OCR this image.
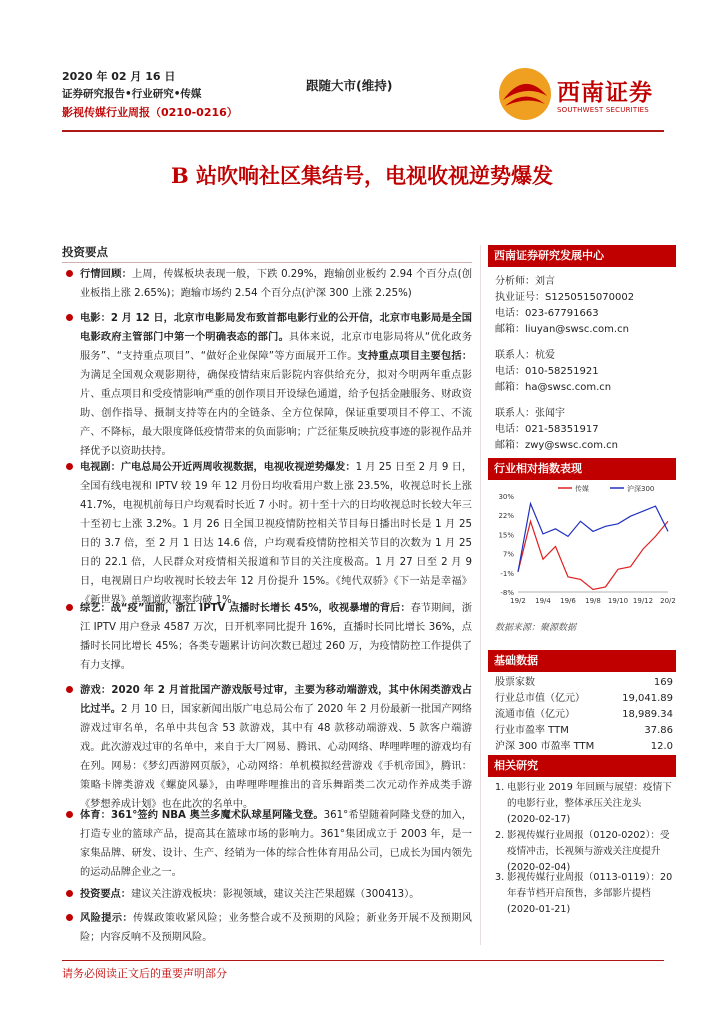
2020 年 02 月 16 日
证券研究报告•行业研究•传媒
影视传媒行业周报（0210-0216）
跟随大市(维持)	西南证券
SOUTHWEST SECURITIES
B 站吹响社区集结号，电视收视逆势爆发
投资要点
行情回顾：上周，传媒板块表现一般，下跌 0.29%，跑输创业板约 2.94 个百分点(创业板指上涨 2.65%)；跑输市场约 2.54 个百分点(沪深 300 上涨 2.25%)
电影：2 月 12 日，北京市电影局发布致首都电影行业的公开信，北京市电影局是全国电影政府主管部门中第一个明确表态的部门。具体来说，北京市电影局将从“优化政务服务”、“支持重点项目”、“做好企业保障”等方面展开工作。支持重点项目主要包括：为满足全国观众观影期待，确保疫情结束后影院内容供给充分，拟对今明两年重点影片、重点项目和受疫情影响严重的创作项目开设绿色通道，给予包括金融服务、财政资助、创作指导、摄制支持等在内的全链条、全方位保障，保证重要项目不停工、不流产、不降标，最大限度降低疫情带来的负面影响；广泛征集反映抗疫事迹的影视作品并择优予以资助扶持。
电视剧：广电总局公开近两周收视数据，电视收视逆势爆发：1 月 25 日至 2 月 9 日，全国有线电视和 IPTV 较 19 年 12 月份日均收看用户数上涨 23.5%，收视总时长上涨 41.7%，电视机前每日户均观看时长近 7 小时。初十至十六的日均收视总时长较大年三十至初七上涨 3.2%。1 月 26 日全国卫视疫情防控相关节目每日播出时长是 1 月 25 日的 3.7 倍，至 2 月 1 日达 14.6 倍，户均观看疫情防控相关节目的次数为 1 月 25 日的 22.1 倍，人民群众对疫情相关报道和节目的关注度极高。1 月 27 日至 2 月 9 日，电视剧日户均收视时长较去年 12 月份提升 15%。《纯代双骄》《下一站是幸福》《新世界》单频道收视率均破 1%。
综艺：战“疫”面前，浙江 IPTV 点播时长增长 45%，收视暴增的背后：春节期间，浙江 IPTV 用户登录 4587 万次，日开机率同比提升 16%，直播时长同比增长 36%，点播时长同比增长 45%；各类专题累计访问次数已超过 260 万，为疫情防控工作提供了有力支撑。
游戏：2020 年 2 月首批国产游戏版号过审，主要为移动端游戏，其中休闲类游戏占比过半。2 月 10 日，国家新闻出版广电总局公布了 2020 年 2 月份最新一批国产网络游戏过审名单，名单中共包含 53 款游戏，其中有 48 款移动端游戏、5 款客户端游戏。此次游戏过审的名单中，来自于大厂网易、腾讯、心动网络、哔哩哔哩的游戏均有在列。网易：《梦幻西游网页版》，心动网络：单机模拟经营游戏《手机帝国》，腾讯：策略卡牌类游戏《螺旋风暴》，由哔哩哔哩推出的音乐舞蹈类二次元动作养成类手游《梦想养成计划》也在此次的名单中。
体育：361°签约 NBA 奥兰多魔术队球星阿隆戈登。361°希望随着阿隆戈登的加入，打造专业的篮球产品，提高其在篮球市场的影响力。361°集团成立于 2003 年，是一家集品牌、研发、设计、生产、经销为一体的综合性体育用品公司，已成长为国内领先的运动品牌企业之一。
投资要点：建议关注游戏板块：影视领域，建议关注芒果超媒（300413）。
风险提示：传媒政策收紧风险；业务整合或不及预期的风险；新业务开展不及预期风险；内容反响不及预期风险。
西南证券研究发展中心
分析师：刘言
执业证号：S1250515070002
电话：023-67791663
邮箱：liuyan@swsc.com.cn
联系人：杭爱
电话：010-58251921
邮箱：ha@swsc.com.cn
联系人：张闻宇
电话：021-58351917
邮箱：zwy@swsc.com.cn
行业相对指数表现
30%
22%
15%
7%
-1%
-8%
19/2 19/4 19/6 19/8 19/10 19/12 20/2
传媒	沪深300
数据来源：聚源数据
基础数据
股票家数	169
行业总市值（亿元）	19,041.89
流通市值（亿元）	18,989.34
行业市盈率 TTM	37.86
沪深 300 市盈率 TTM	12.0
相关研究
1. 电影行业 2019 年回顾与展望：疫情下的电影行业，整体承压关注龙头 (2020-02-17)
2. 影视传媒行业周报（0120-0202）：受疫情冲击，长视频与游戏关注度提升 (2020-02-04)
3. 影视传媒行业周报（0113-0119）：20 年春节档开启预售，多部影片提档 (2020-01-21)
请务必阅读正文后的重要声明部分
